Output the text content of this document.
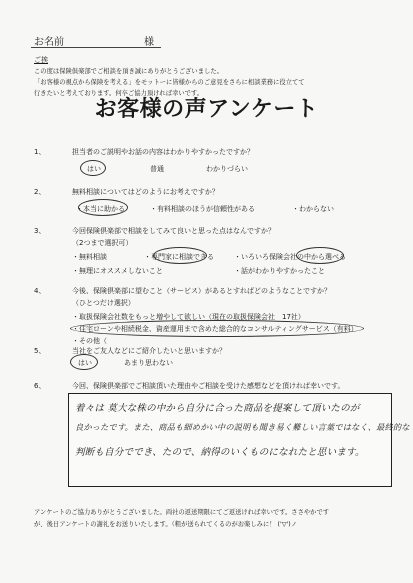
お名前	様
ご挨
この度は保険倶楽部でご相談を頂き誠にありがとうございました。
「お客様の視点から保険を考える」をモットーに皆様からのご意見をさらに相談業務に役立てて
行きたいと考えております。何卒ご協力頂ければ幸いです。
お客様の声アンケート
1、	担当者のご説明やお話の内容はわかりやすかったですか？
はい	普通	わかりづらい
2、	無料相談についてはどのようにお考えですか？
・本当に助かる	・有料相談のほうが信頼性がある	・わからない
3、	今回保険倶楽部で相談をしてみて良いと思った点はなんですか？
（2つまで選択可）
・無料相談	・専門家に相談できる	・いろいろ保険会社の中から選べる
・無理にオススメしないこと	・話がわかりやすかったこと
4、	今後、保険倶楽部に望むこと（サービス）があるとすればどのようなことですか？
（ひとつだけ選択）
・取扱保険会社数をもっと増やして欲しい（現在の取扱保険会社　17社）
・住宅ローンや相続税金、資産運用まで含めた総合的なコンサルティングサービス（有料）
・その他（
5、	当社をご友人などにご紹介したいと思いますか？
はい	あまり思わない
6、	今回、保険倶楽部でご相談頂いた理由やご相談を受けた感想などを頂ければ幸いです。
着々は 莫大な株の中から自分に合った商品を提案して頂いたのが
良かったです。また、商品も細めかい中の説明も聞き易く難しい言葉ではなく、最終的な
判断も自分ででき、たので、納得のいくものになれたと思います。
アンケートのご協力ありがとうございました。両社の返送期限にてご返送ければ幸いです。ささやかです
が、後日アンケートの謝礼をお送りいたします。（粗が送られてくるのがお楽しみに！ ('▽')ノ
